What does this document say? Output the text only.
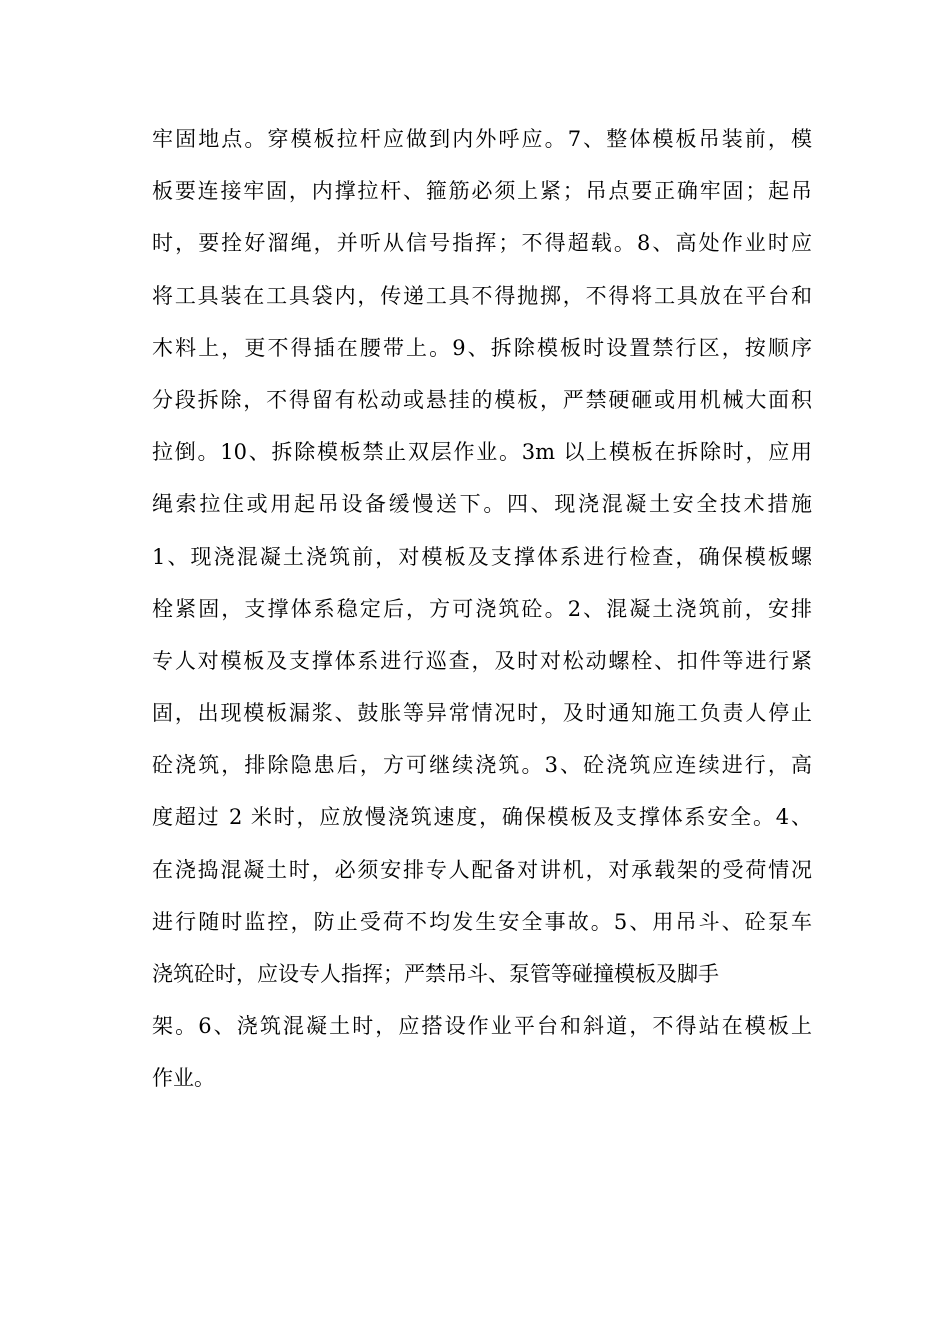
牢固地点。穿模板拉杆应做到内外呼应。7、整体模板吊装前，模
板要连接牢固，内撑拉杆、箍筋必须上紧；吊点要正确牢固；起吊
时，要拴好溜绳，并听从信号指挥；不得超载。8、高处作业时应
将工具装在工具袋内，传递工具不得抛掷，不得将工具放在平台和
木料上，更不得插在腰带上。9、拆除模板时设置禁行区，按顺序
分段拆除，不得留有松动或悬挂的模板，严禁硬砸或用机械大面积
拉倒。10、拆除模板禁止双层作业。3m 以上模板在拆除时，应用
绳索拉住或用起吊设备缓慢送下。四、现浇混凝土安全技术措施
1、现浇混凝土浇筑前，对模板及支撑体系进行检查，确保模板螺
栓紧固，支撑体系稳定后，方可浇筑砼。2、混凝土浇筑前，安排
专人对模板及支撑体系进行巡查，及时对松动螺栓、扣件等进行紧
固，出现模板漏浆、鼓胀等异常情况时，及时通知施工负责人停止
砼浇筑，排除隐患后，方可继续浇筑。3、砼浇筑应连续进行，高
度超过 2 米时，应放慢浇筑速度，确保模板及支撑体系安全。4、
在浇捣混凝土时，必须安排专人配备对讲机，对承载架的受荷情况
进行随时监控，防止受荷不均发生安全事故。5、用吊斗、砼泵车
浇筑砼时，应设专人指挥；严禁吊斗、泵管等碰撞模板及脚手
架。6、浇筑混凝土时，应搭设作业平台和斜道，不得站在模板上
作业。
